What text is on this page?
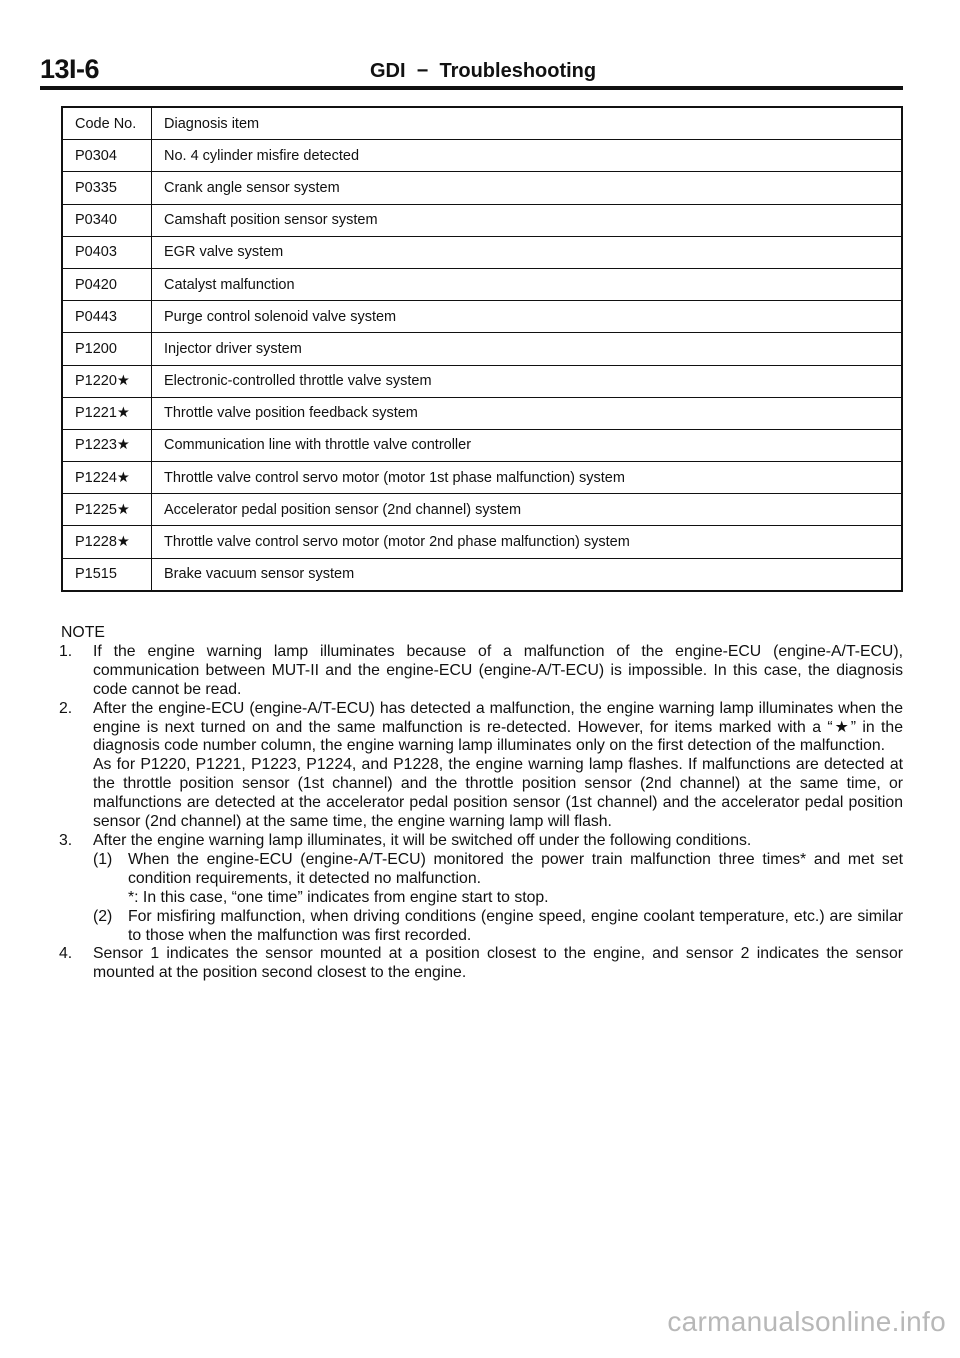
13I-6	GDI  −  Troubleshooting
Code No.	Diagnosis item
P0304	No. 4 cylinder misfire detected
P0335	Crank angle sensor system
P0340	Camshaft position sensor system
P0403	EGR valve system
P0420	Catalyst malfunction
P0443	Purge control solenoid valve system
P1200	Injector driver system
P1220★	Electronic-controlled throttle valve system
P1221★	Throttle valve position feedback system
P1223★	Communication line with throttle valve controller
P1224★	Throttle valve control servo motor (motor 1st phase malfunction) system
P1225★	Accelerator pedal position sensor (2nd channel) system
P1228★	Throttle valve control servo motor (motor 2nd phase malfunction) system
P1515	Brake vacuum sensor system

NOTE

1. If the engine warning lamp illuminates because of a malfunction of the engine-ECU (engine-A/T-ECU), communication between MUT-II and the engine-ECU (engine-A/T-ECU) is impossible. In this case, the diagnosis code cannot be read.

2. After the engine-ECU (engine-A/T-ECU) has detected a malfunction, the engine warning lamp illuminates when the engine is next turned on and the same malfunction is re-detected. However, for items marked with a “★” in the diagnosis code number column, the engine warning lamp illuminates only on the first detection of the malfunction.

As for P1220, P1221, P1223, P1224, and P1228, the engine warning lamp flashes. If malfunctions are detected at the throttle position sensor (1st channel) and the throttle position sensor (2nd channel) at the same time, or malfunctions are detected at the accelerator pedal position sensor (1st channel) and the accelerator pedal position sensor (2nd channel) at the same time, the engine warning lamp will flash.

3. After the engine warning lamp illuminates, it will be switched off under the following conditions.

(1) When the engine-ECU (engine-A/T-ECU) monitored the power train malfunction three times* and met set condition requirements, it detected no malfunction.

*: In this case, “one time” indicates from engine start to stop.

(2) For misfiring malfunction, when driving conditions (engine speed, engine coolant temperature, etc.) are similar to those when the malfunction was first recorded.

4. Sensor 1 indicates the sensor mounted at a position closest to the engine, and sensor 2 indicates the sensor mounted at the position second closest to the engine.

carmanualsonline.info
